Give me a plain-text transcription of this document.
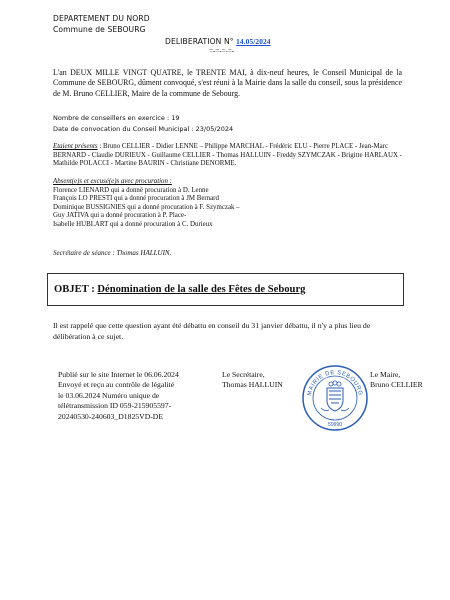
DEPARTEMENT DU NORD
Commune de SEBOURG
DELIBERATION N° 14.05/2024
=-=-=-=-
L'an DEUX MILLE VINGT QUATRE, le TRENTE MAI, à dix-neuf heures, le Conseil Municipal de la Commune de SEBOURG, dûment convoqué, s'est réuni à la Mairie dans la salle du conseil, sous la présidence de M. Bruno CELLIER, Maire de la commune de Sebourg.
Nombre de conseillers en exercice : 19
Date de convocation du Conseil Municipal : 23/05/2024
Etaient présents : Bruno CELLIER - Didier LENNE – Philippe MARCHAL - Frédéric ELU - Pierre PLACE - Jean-Marc BERNARD - Claudie DURIEUX - Guillaume CELLIER - Thomas HALLUIN - Freddy SZYMCZAK - Brigitte HARLAUX - Mathilde POLACCI - Martine BAURIN - Christiane DENORME.
Absent(e)s et excusé(e)s avec procuration :
Florence LIENARD qui a donné procuration à D. Lenne
François LO PRESTI qui a donné procuration à JM Bernard
Dominique BUSSIGNIES qui a donné procuration à F. Szymczak –
Guy JATIVA qui a donné procuration à P. Place-
Isabelle HUBLART qui a donné procuration à C. Durieux
Secrétaire de séance : Thomas HALLUIN.
OBJET : Dénomination de la salle des Fêtes de Sebourg
Il est rappelé que cette question ayant été débattu en conseil du 31 janvier débattu, il n'y a plus lieu de délibération à ce sujet.
Publié sur le site Internet le 06.06.2024
Envoyé et reçu au contrôle de légalité
le 03.06.2024 Numéro unique de
télétransmission ID 059-215905597-
20240530-240603_D1825VD-DE
Le Secrétaire,
Thomas HALLUIN
MAIRIE DE SEBOURG
59990
Le Maire,
Bruno CELLIER
